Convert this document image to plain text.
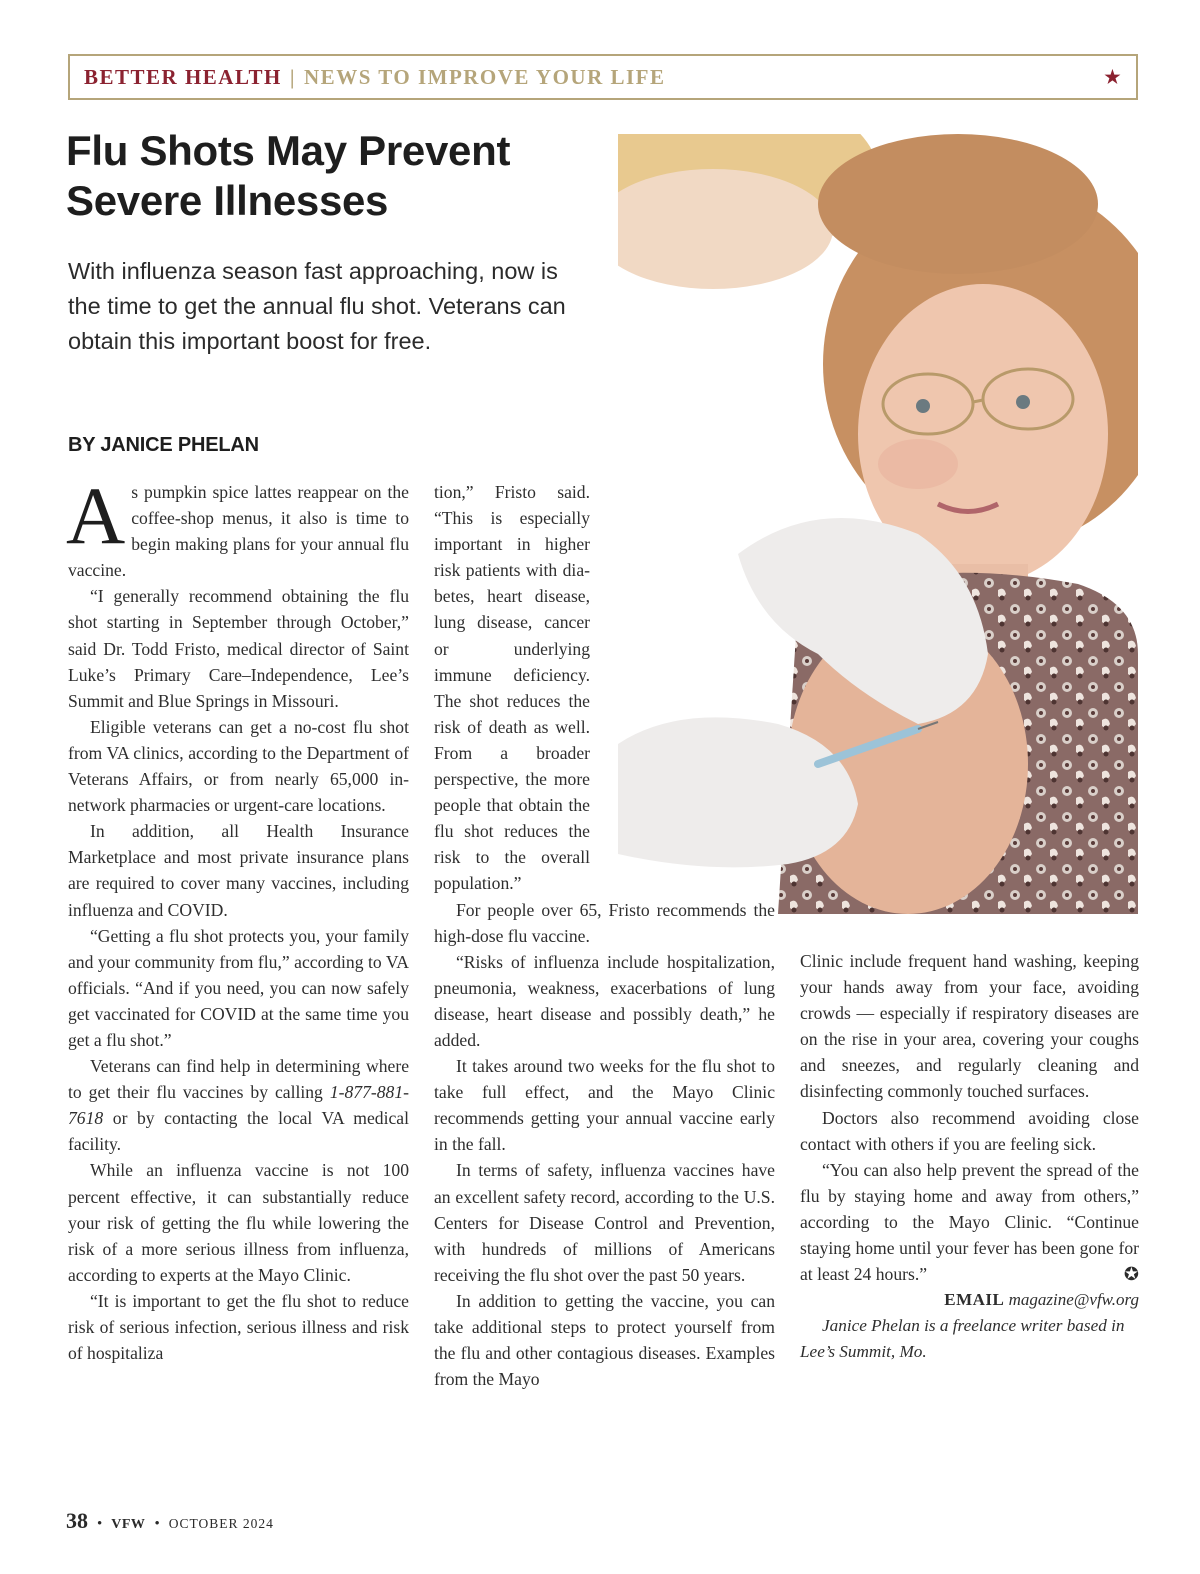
BETTER HEALTH | NEWS TO IMPROVE YOUR LIFE	★
Flu Shots May Prevent Severe Illnesses

With influenza season fast approaching, now is the time to get the annual flu shot. Veterans can obtain this important boost for free.

BY JANICE PHELAN

As pumpkin spice lattes reappear on the coffee-shop menus, it also is time to begin making plans for your annual flu vaccine.

“I generally recommend obtaining the flu shot starting in September through October,” said Dr. Todd Fristo, medical director of Saint Luke’s Primary Care–Independence, Lee’s Summit and Blue Springs in Missouri.

Eligible veterans can get a no-cost flu shot from VA clinics, according to the Department of Veterans Affairs, or from nearly 65,000 in-network pharmacies or urgent-care locations.

In addition, all Health Insurance Marketplace and most private insurance plans are required to cover many vaccines, including influenza and COVID.

“Getting a flu shot protects you, your family and your community from flu,” according to VA officials. “And if you need, you can now safely get vaccinated for COVID at the same time you get a flu shot.”

Veterans can find help in determining where to get their flu vaccines by calling 1-877-881-7618 or by contacting the local VA medical facility.

While an influenza vaccine is not 100 percent effective, it can substantially reduce your risk of getting the flu while lowering the risk of a more serious illness from influenza, according to experts at the Mayo Clinic.

“It is important to get the flu shot to reduce risk of serious infection, serious illness and risk of hospitaliza

tion,” Fristo said. “This is especially important in higher risk patients with diabetes, heart disease, lung disease, cancer or underlying immune deficiency. The shot reduces the risk of death as well. From a broader perspective, the more people that obtain the flu shot reduces the risk to the overall population.”

For people over 65, Fristo recommends the high-dose flu vaccine.

“Risks of influenza include hospitalization, pneumonia, weakness, exacerbations of lung disease, heart disease and possibly death,” he added.

It takes around two weeks for the flu shot to take full effect, and the Mayo Clinic recommends getting your annual vaccine early in the fall.

In terms of safety, influenza vaccines have an excellent safety record, according to the U.S. Centers for Disease Control and Prevention, with hundreds of millions of Americans receiving the flu shot over the past 50 years.

In addition to getting the vaccine, you can take additional steps to protect yourself from the flu and other contagious diseases. Examples from the Mayo

Clinic include frequent hand washing, keeping your hands away from your face, avoiding crowds — especially if respiratory diseases are on the rise in your area, covering your coughs and sneezes, and regularly cleaning and disinfecting commonly touched surfaces.

Doctors also recommend avoiding close contact with others if you are feeling sick.

“You can also help prevent the spread of the flu by staying home and away from others,” according to the Mayo Clinic. “Continue staying home until your fever has been gone for at least 24 hours.”	✪

EMAIL magazine@vfw.org

Janice Phelan is a freelance writer based in Lee’s Summit, Mo.

38 • VFW • OCTOBER 2024
